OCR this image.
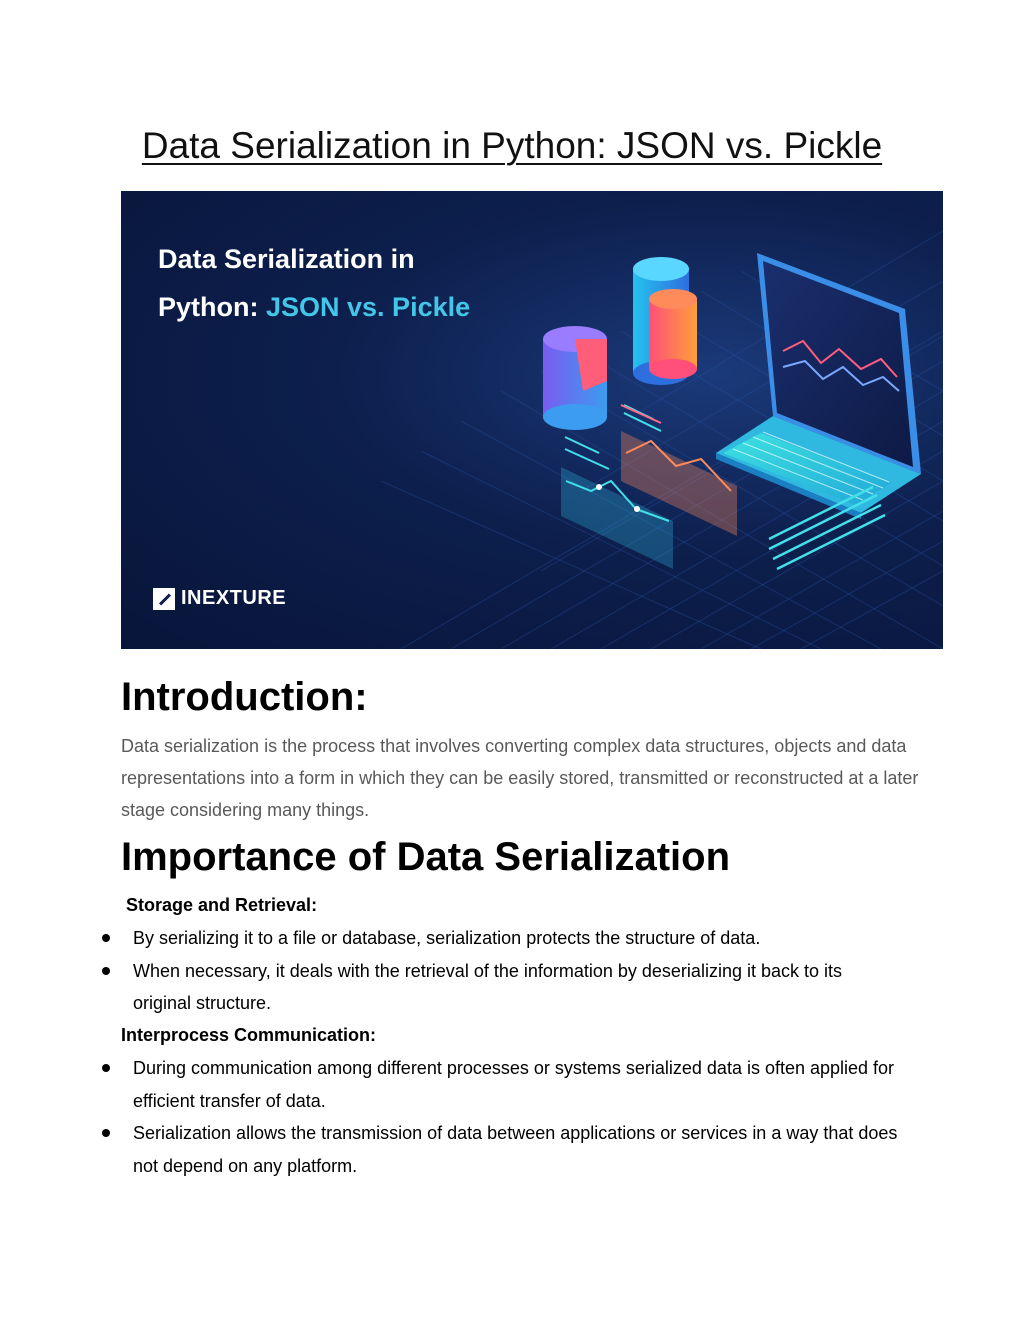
Data Serialization in Python: JSON vs. Pickle
Data Serialization in
Python: JSON vs. Pickle
INEXTURE
Introduction:

Data serialization is the process that involves converting complex data structures, objects and data representations into a form in which they can be easily stored, transmitted or reconstructed at a later stage considering many things.

Importance of Data Serialization

Storage and Retrieval:

By serializing it to a file or database, serialization protects the structure of data.
When necessary, it deals with the retrieval of the information by deserializing it back to its original structure.

Interprocess Communication:

During communication among different processes or systems serialized data is often applied for efficient transfer of data.
Serialization allows the transmission of data between applications or services in a way that does not depend on any platform.
